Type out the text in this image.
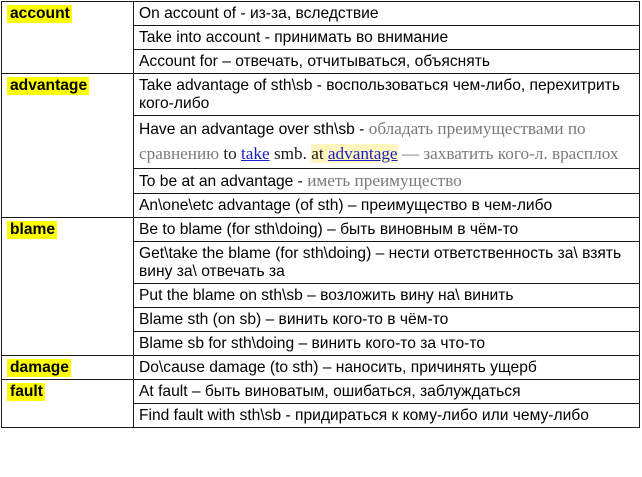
account	On account of - из-за, вследствие
	Take into account - принимать во внимание
	Account for – отвечать, отчитываться, объяснять
advantage	Take advantage of sth\sb - воспользоваться чем-либо, перехитрить кого-либо
	Have an advantage over sth\sb - обладать преимуществами по сравнению to take smb. at advantage — захватить кого-л. врасплох
	To be at an advantage - иметь преимущество
	An\one\etc advantage (of sth) – преимущество в чем-либо
blame	Be to blame (for sth\doing) – быть виновным в чём-то
	Get\take the blame (for sth\doing) – нести ответственность за\ взять вину за\ отвечать за
	Put the blame on sth\sb – возложить вину на\ винить
	Blame sth (on sb) – винить кого-то в чём-то
	Blame sb for sth\doing – винить кого-то за что-то
damage	Do\cause damage (to sth) – наносить, причинять ущерб
fault	At fault – быть виноватым, ошибаться, заблуждаться
	Find fault with sth\sb - придираться к кому-либо или чему-либо
